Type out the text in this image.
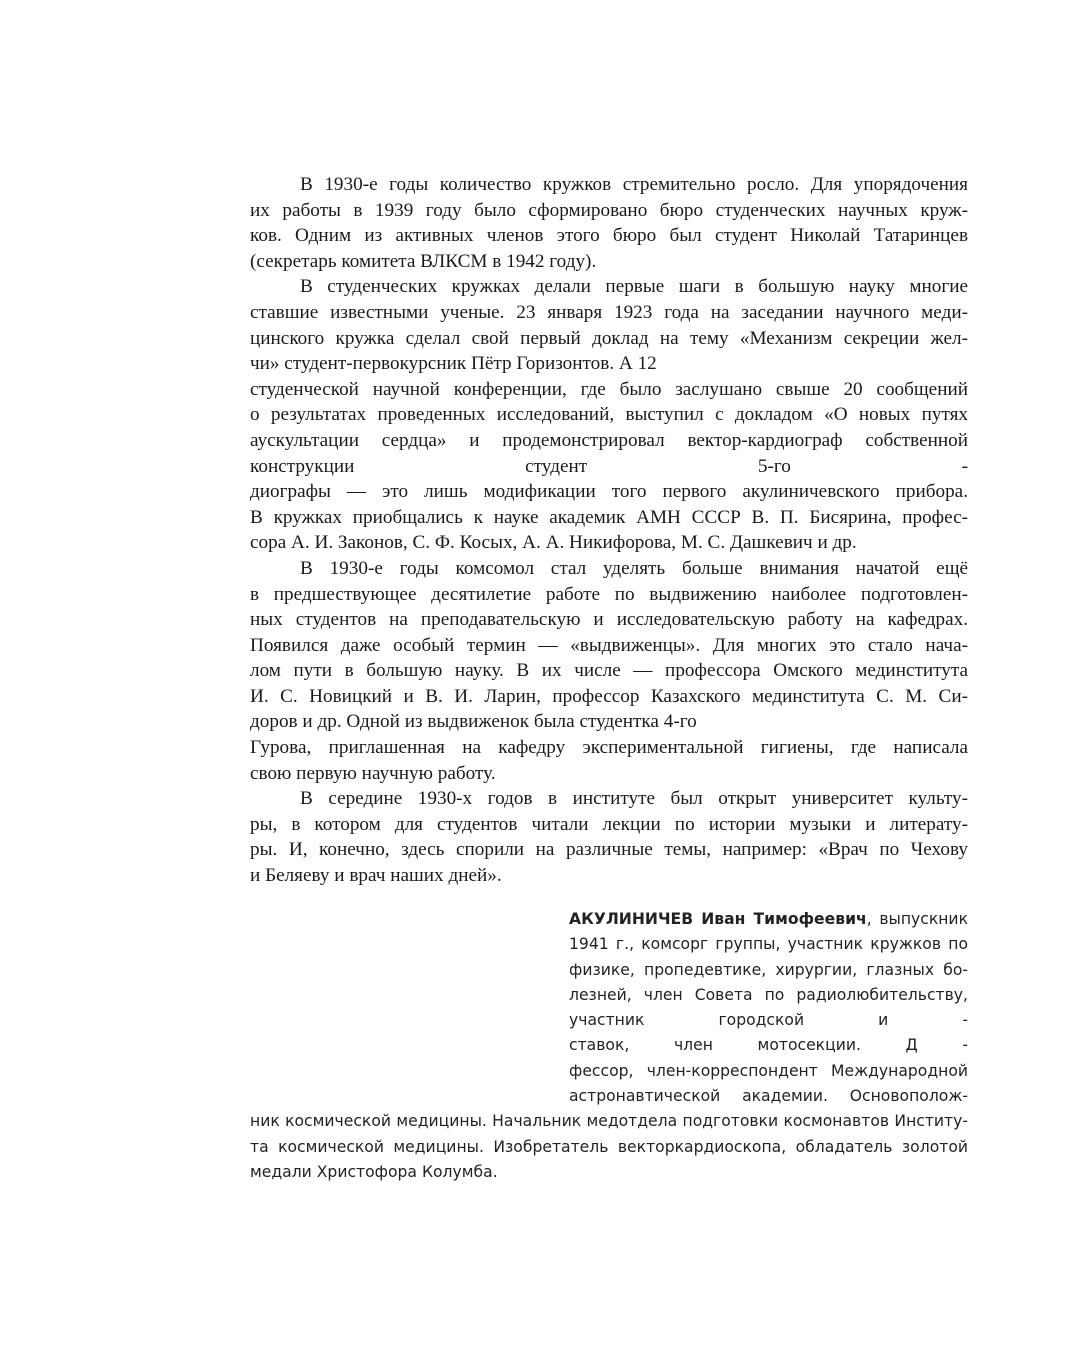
В 1930-е годы количество кружков стремительно росло. Для упорядочения
их работы в 1939 году было сформировано бюро студенческих научных круж-
ков. Одним из активных членов этого бюро был студент Николай Татаринцев
(секретарь комитета ВЛКСМ в 1942 году).
В студенческих кружках делали первые шаги в большую науку многие
ставшие известными ученые. 23 января 1923 года на заседании научного меди-
цинского кружка сделал свой первый доклад на тему «Механизм секреции жел-
чи» студент-первокурсник Пётр Горизонтов. А 12
студенческой научной конференции, где было заслушано свыше 20 сообщений
о результатах проведенных исследований, выступил с докладом «О новых путях
аускультации сердца» и продемонстрировал вектор-кардиограф собственной
конструкции студент 5-го -
диографы — это лишь модификации того первого акулиничевского прибора.
В кружках приобщались к науке академик АМН СССР В. П. Бисярина, профес-
сора А. И. Законов, С. Ф. Косых, А. А. Никифорова, М. С. Дашкевич и др.
В 1930-е годы комсомол стал уделять больше внимания начатой ещё
в предшествующее десятилетие работе по выдвижению наиболее подготовлен-
ных студентов на преподавательскую и исследовательскую работу на кафедрах.
Появился даже особый термин — «выдвиженцы». Для многих это стало нача-
лом пути в большую науку. В их числе — профессора Омского мединститута
И. С. Новицкий и В. И. Ларин, профессор Казахского мединститута С. М. Си-
доров и др. Одной из выдвиженок была студентка 4-го
Гурова, приглашенная на кафедру экспериментальной гигиены, где написала
свою первую научную работу.
В середине 1930-х годов в институте был открыт университет культу-
ры, в котором для студентов читали лекции по истории музыки и литерату-
ры. И, конечно, здесь спорили на различные темы, например: «Врач по Чехову
и Беляеву и врач наших дней».
АКУЛИНИЧЕВ Иван Тимофеевич, выпускник
1941 г., комсорг группы, участник кружков по
физике, пропедевтике, хирургии, глазных бо-
лезней, член Совета по радиолюбительству,
участник городской и -
ставок, член мотосекции. Д -
фессор, член-корреспондент Международной
астронавтической академии. Основополож-
ник космической медицины. Начальник медотдела подготовки космонавтов Институ-
та космической медицины. Изобретатель векторкардиоскопа, обладатель золотой
медали Христофора Колумба.
